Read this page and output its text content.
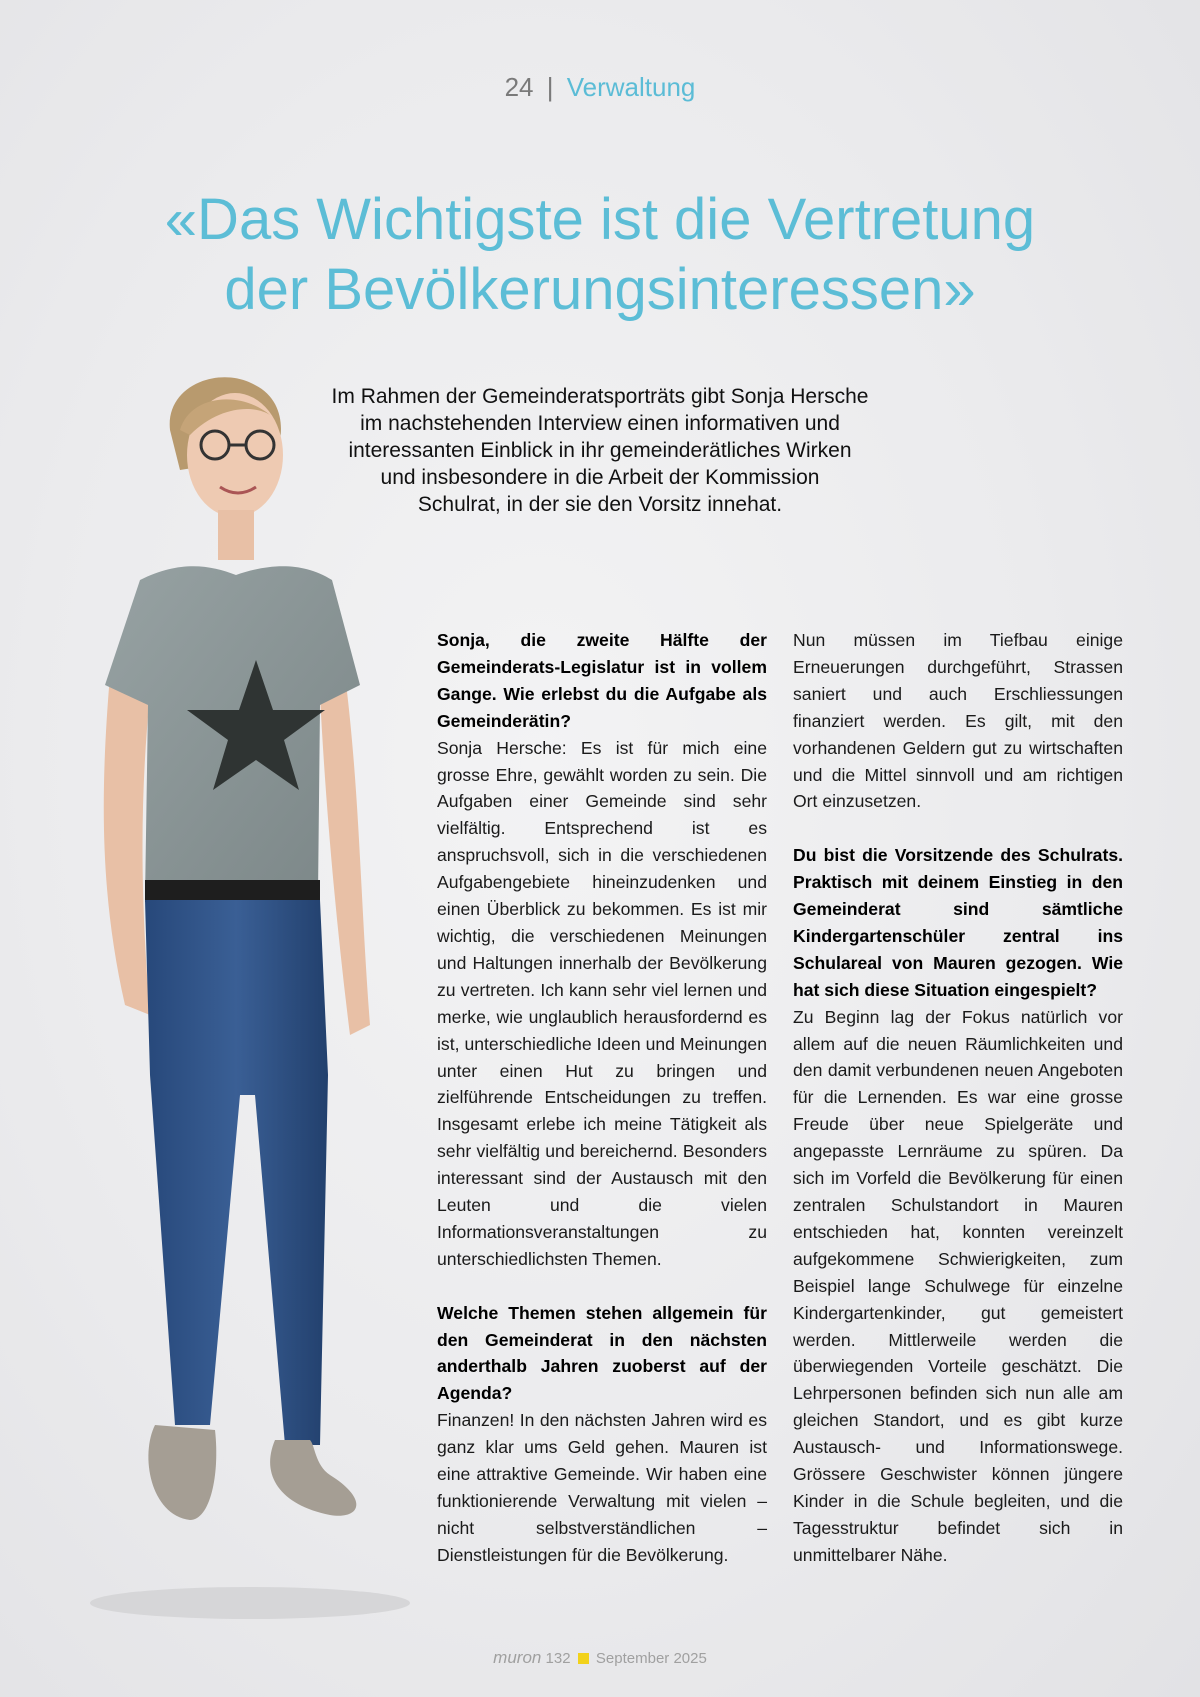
24 | Verwaltung
«Das Wichtigste ist die Vertretung
der Bevölkerungsinteressen»
Im Rahmen der Gemeinderatsporträts gibt Sonja Hersche
im nachstehenden Interview einen informativen und
interessanten Einblick in ihr gemeinderätliches Wirken
und insbesondere in die Arbeit der Kommission
Schulrat, in der sie den Vorsitz innehat.

Sonja, die zweite Hälfte der Gemeinderats-Legislatur ist in vollem Gange. Wie erlebst du die Aufgabe als Gemeinderätin?

Sonja Hersche: Es ist für mich eine grosse Ehre, gewählt worden zu sein. Die Aufgaben einer Gemeinde sind sehr vielfältig. Entsprechend ist es anspruchsvoll, sich in die verschiedenen Aufgabengebiete hineinzudenken und einen Überblick zu bekommen. Es ist mir wichtig, die verschiedenen Meinungen und Haltungen innerhalb der Bevölkerung zu vertreten. Ich kann sehr viel lernen und merke, wie unglaublich herausfordernd es ist, unterschiedliche Ideen und Meinungen unter einen Hut zu bringen und zielführende Entscheidungen zu treffen. Insgesamt erlebe ich meine Tätigkeit als sehr vielfältig und bereichernd. Besonders interessant sind der Austausch mit den Leuten und die vielen Informationsveranstaltungen zu unterschiedlichsten Themen.

Welche Themen stehen allgemein für den Gemeinderat in den nächsten anderthalb Jahren zuoberst auf der Agenda?

Finanzen! In den nächsten Jahren wird es ganz klar ums Geld gehen. Mauren ist eine attraktive Gemeinde. Wir haben eine funktionierende Verwaltung mit vielen – nicht selbstverständlichen – Dienstleistungen für die Bevölkerung.

Nun müssen im Tiefbau einige Erneuerungen durchgeführt, Strassen saniert und auch Erschliessungen finanziert werden. Es gilt, mit den vorhandenen Geldern gut zu wirtschaften und die Mittel sinnvoll und am richtigen Ort einzusetzen.

Du bist die Vorsitzende des Schulrats. Praktisch mit deinem Einstieg in den Gemeinderat sind sämtliche Kindergartenschüler zentral ins Schulareal von Mauren gezogen. Wie hat sich diese Situation eingespielt?

Zu Beginn lag der Fokus natürlich vor allem auf die neuen Räumlichkeiten und den damit verbundenen neuen Angeboten für die Lernenden. Es war eine grosse Freude über neue Spielgeräte und angepasste Lernräume zu spüren. Da sich im Vorfeld die Bevölkerung für einen zentralen Schulstandort in Mauren entschieden hat, konnten vereinzelt aufgekommene Schwierigkeiten, zum Beispiel lange Schulwege für einzelne Kindergartenkinder, gut gemeistert werden. Mittlerweile werden die überwiegenden Vorteile geschätzt. Die Lehrpersonen befinden sich nun alle am gleichen Standort, und es gibt kurze Austausch- und Informationswege. Grössere Geschwister können jüngere Kinder in die Schule begleiten, und die Tagesstruktur befindet sich in unmittelbarer Nähe.

muron 132 September 2025
